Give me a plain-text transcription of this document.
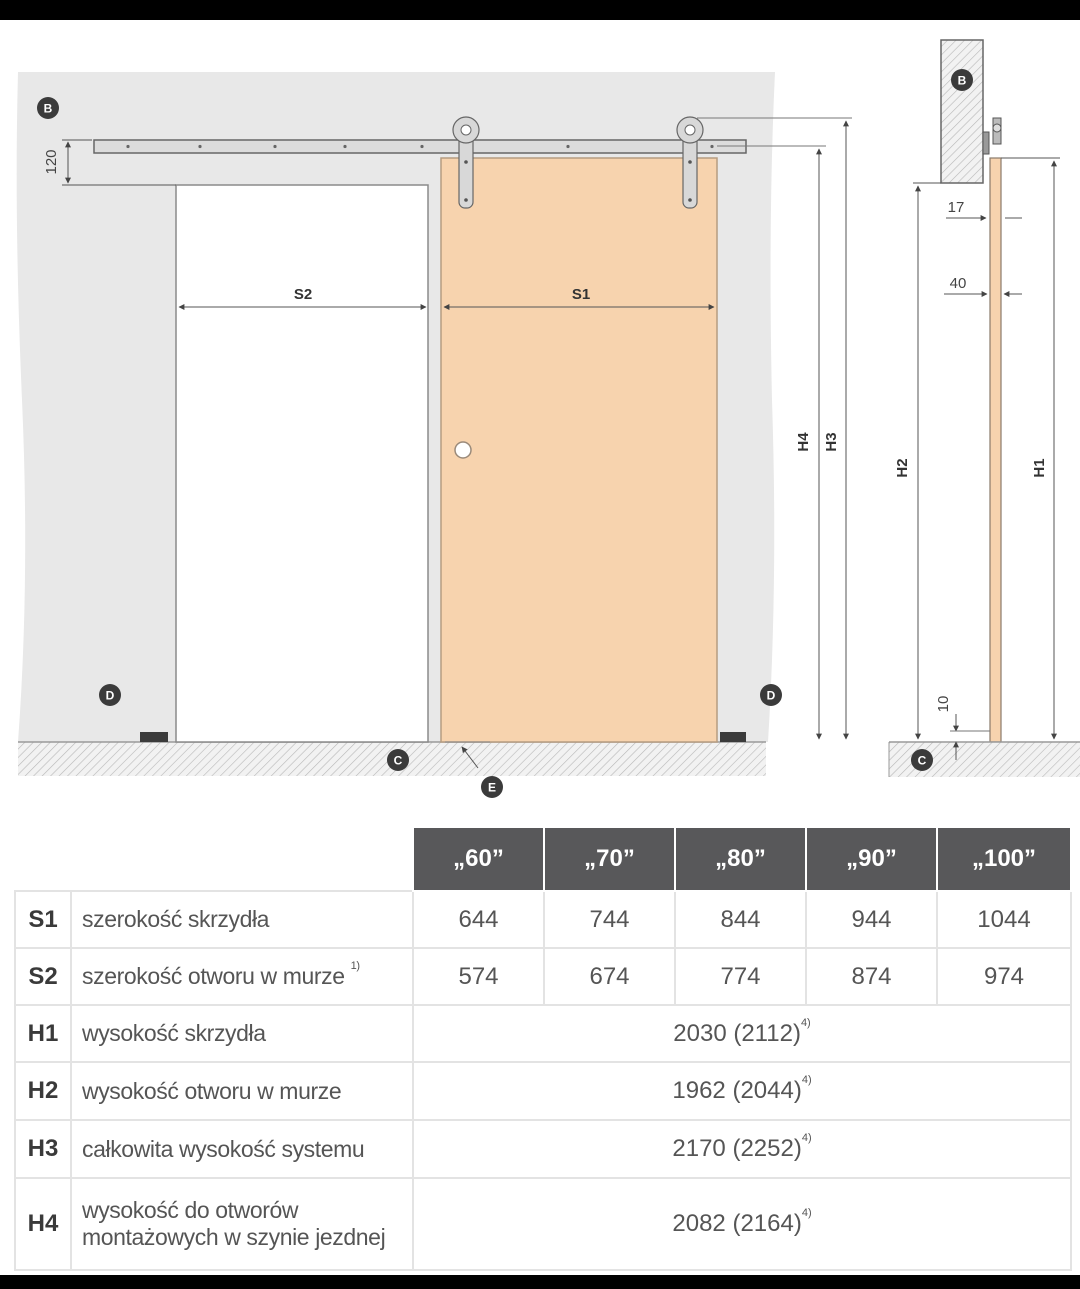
120
S2	S1
H4 H3
B
D	D
C
E
H2	H1
17
40
10
B
C
		„60”	„70”	„80”	„90”	„100”
S1	szerokość skrzydła	644	744	844	944	1044
S2	szerokość otworu w murze $^{1)}$	574	674	774	874	974
H1	wysokość skrzydła	2030 $(2112)^{4)}$
H2	wysokość otworu w murze	1962 $(2044)^{4)}$
H3	całkowita wysokość systemu	2170 $(2252)^{4)}$
H4	wysokość do otworów
montażowych w szynie jezdnej	2082 $(2164)^{4)}$
